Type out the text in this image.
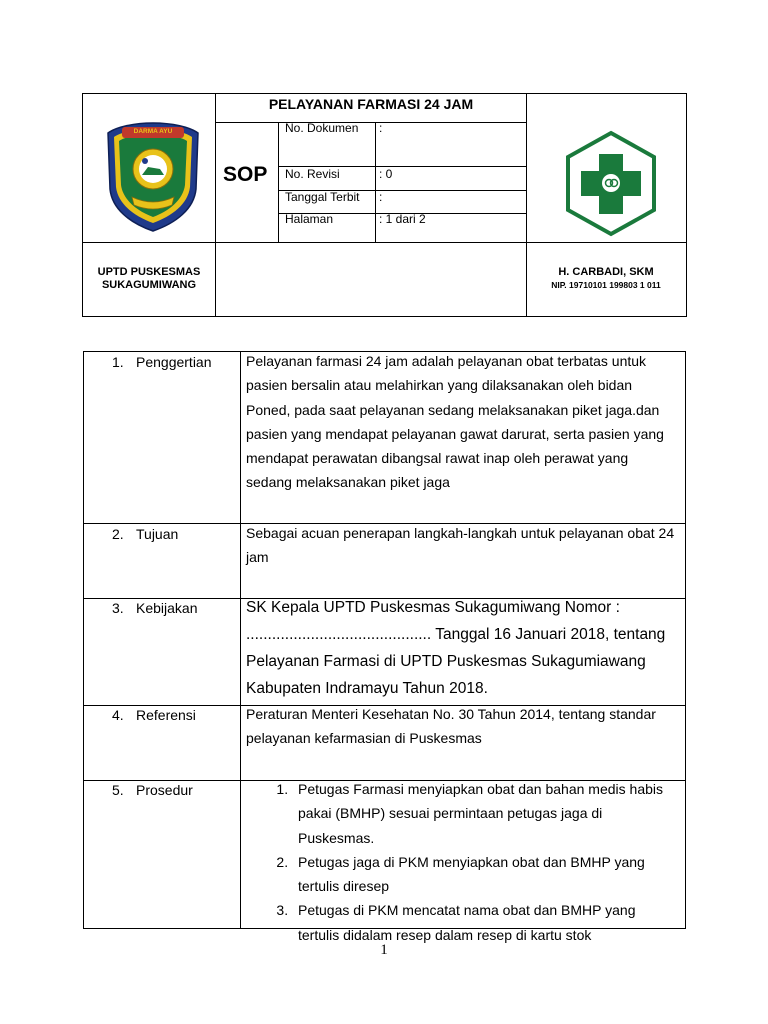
PELAYANAN FARMASI 24 JAM
SOP
No. Dokumen :
No. Revisi	: 0
Tanggal Terbit :
Halaman	: 1 dari 2
UPTD PUSKESMAS
SUKAGUMIWANG
H. CARBADI, SKM
NIP. 19710101 199803 1 011
DARMA AYU
1. Penggertian Pelayanan farmasi 24 jam adalah pelayanan obat terbatas untuk pasien bersalin atau melahirkan yang dilaksanakan oleh bidan Poned, pada saat pelayanan sedang melaksanakan piket jaga.dan pasien yang mendapat pelayanan gawat darurat, serta pasien yang mendapat perawatan dibangsal rawat inap oleh perawat yang sedang melaksanakan piket jaga
2. Tujuan	Sebagai acuan penerapan langkah-langkah untuk pelayanan obat 24 jam
3. Kebijakan	SK Kepala UPTD Puskesmas Sukagumiwang Nomor : ........................................... Tanggal 16 Januari 2018, tentang Pelayanan Farmasi di UPTD Puskesmas Sukagumiawang Kabupaten Indramayu Tahun 2018.
4. Referensi	Peraturan Menteri Kesehatan No. 30 Tahun 2014, tentang standar pelayanan kefarmasian di Puskesmas
5. Prosedur
1.	Petugas Farmasi menyiapkan obat dan bahan medis habis pakai (BMHP) sesuai permintaan petugas jaga di Puskesmas.
2. Petugas jaga di PKM menyiapkan obat dan BMHP yang tertulis diresep
3. Petugas di PKM mencatat nama obat dan BMHP yang tertulis didalam resep dalam resep di kartu stok
1
